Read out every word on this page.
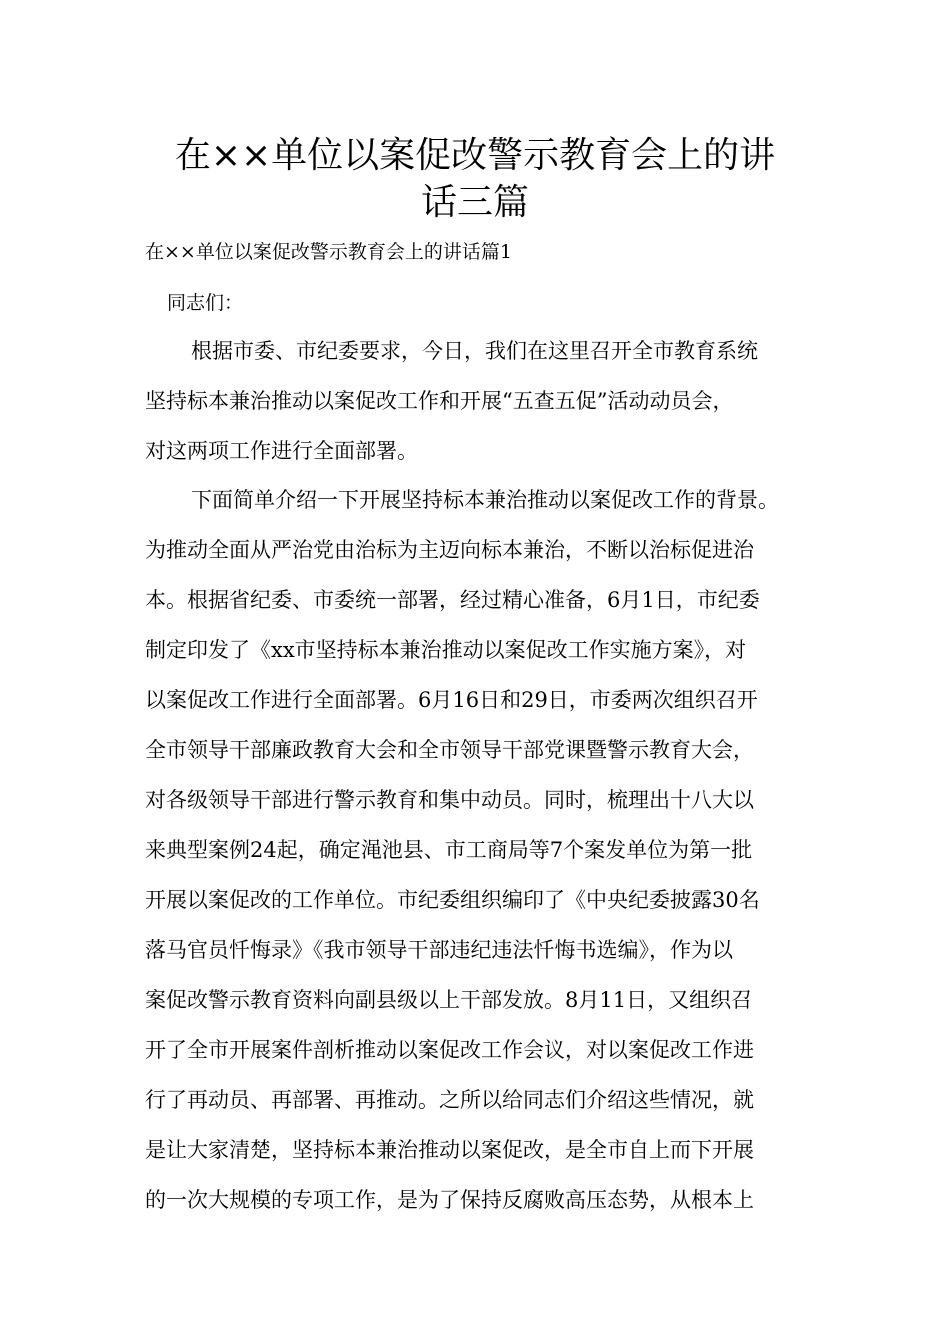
在××单位以案促改警示教育会上的讲
话三篇
在××单位以案促改警示教育会上的讲话篇1
同志们：
根据市委、市纪委要求，今日，我们在这里召开全市教育系统
坚持标本兼治推动以案促改工作和开展“五查五促”活动动员会，
对这两项工作进行全面部署。
下面简单介绍一下开展坚持标本兼治推动以案促改工作的背景。
为推动全面从严治党由治标为主迈向标本兼治，不断以治标促进治
本。根据省纪委、市委统一部署，经过精心准备，6月1日，市纪委
制定印发了《xx市坚持标本兼治推动以案促改工作实施方案》，对
以案促改工作进行全面部署。6月16日和29日，市委两次组织召开
全市领导干部廉政教育大会和全市领导干部党课暨警示教育大会，
对各级领导干部进行警示教育和集中动员。同时，梳理出十八大以
来典型案例24起，确定渑池县、市工商局等7个案发单位为第一批
开展以案促改的工作单位。市纪委组织编印了《中央纪委披露30名
落马官员忏悔录》《我市领导干部违纪违法忏悔书选编》，作为以
案促改警示教育资料向副县级以上干部发放。8月11日，又组织召
开了全市开展案件剖析推动以案促改工作会议，对以案促改工作进
行了再动员、再部署、再推动。之所以给同志们介绍这些情况，就
是让大家清楚，坚持标本兼治推动以案促改，是全市自上而下开展
的一次大规模的专项工作，是为了保持反腐败高压态势，从根本上
